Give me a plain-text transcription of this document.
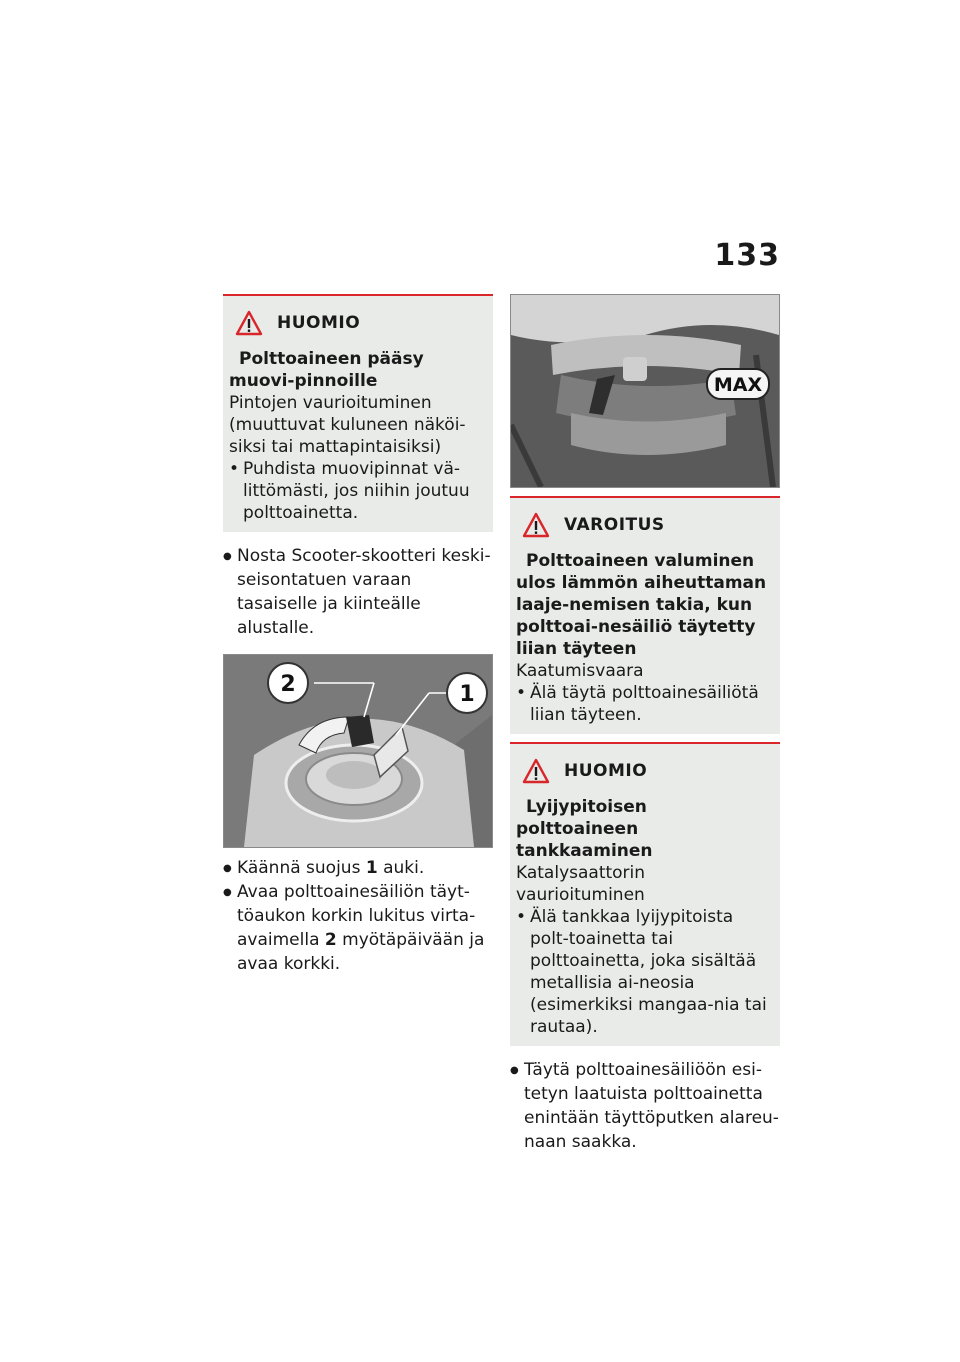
133
HUOMIO
Polttoaineen pääsy muovi-pinnoille
Pintojen vaurioituminen (muuttuvat kuluneen näköi-siksi tai mattapintaisiksi)
• Puhdista muovipinnat vä-littömästi, jos niihin joutuu polttoainetta.
● Nosta Scooter-skootteri keski-seisontatuen varaan tasaiselle ja kiinteälle alustalle.
2	1
● Käännä suojus 1 auki.
● Avaa polttoainesäiliön täyt-töaukon korkin lukitus virta-avaimella 2 myötäpäivään ja avaa korkki.
MAX
VAROITUS
Polttoaineen valuminen ulos lämmön aiheuttaman laaje-nemisen takia, kun polttoai-nesäiliö täytetty liian täyteen
Kaatumisvaara
• Älä täytä polttoainesäiliötä liian täyteen.
HUOMIO
Lyijypitoisen polttoaineen tankkaaminen
Katalysaattorin vaurioituminen
• Älä tankkaa lyijypitoista polt-toainetta tai polttoainetta, joka sisältää metallisia ai-neosia (esimerkiksi mangaa-nia tai rautaa).
● Täytä polttoainesäiliöön esi-tetyn laatuista polttoainetta enintään täyttöputken alareu-naan saakka.
